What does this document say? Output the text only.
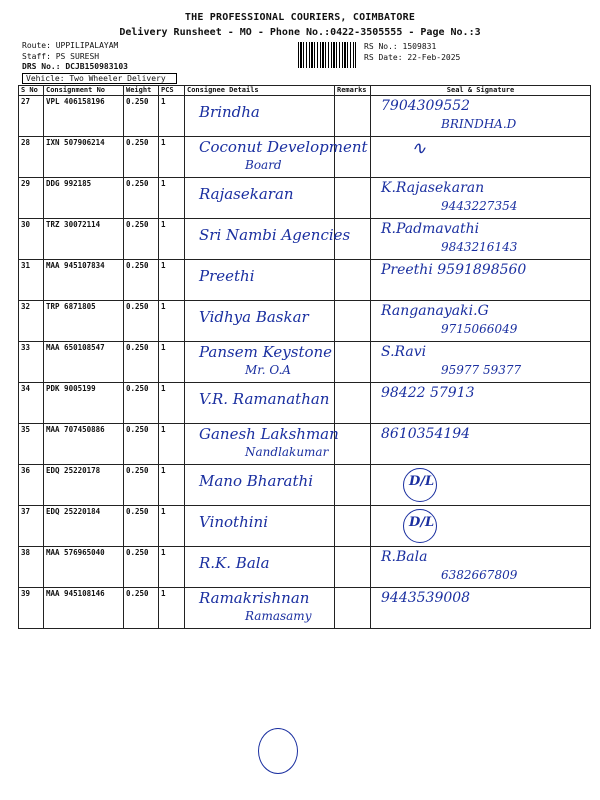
THE PROFESSIONAL COURIERS, COIMBATORE
Delivery Runsheet - MO - Phone No.:0422-3505555 - Page No.:3
Route: UPPILIPALAYAM
Staff: PS SURESH
DRS No.: DCJB150983103
RS No.: 1509831
RS Date: 22-Feb-2025
Vehicle: Two Wheeler Delivery
S No	Consignment No	Weight	PCS	Consignee Details	Remarks	Seal & Signature
27	VPL 406158196	0.250	1	Brindha		7904309552
BRINDHA.D

28	IXN 507906214	0.250	1	Coconut Development
Board		∿

29	DDG 992185	0.250	1	Rajasekaran		K.Rajasekaran
9443227354

30	TRZ 30072114	0.250	1	Sri Nambi Agencies		R.Padmavathi
9843216143

31	MAA 945107834	0.250	1	Preethi		Preethi 9591898560

32	TRP 6871805	0.250	1	Vidhya Baskar		Ranganayaki.G
9715066049

33	MAA 650108547	0.250	1	Pansem Keystone
Mr. O.A		S.Ravi
95977 59377

34	PDK 9005199	0.250	1	V.R. Ramanathan		98422 57913

35	MAA 707450886	0.250	1	Ganesh Lakshman
Nandlakumar		8610354194

36	EDQ 25220178	0.250	1	Mano Bharathi		D/L

37	EDQ 25220184	0.250	1	Vinothini		D/L

38	MAA 576965040	0.250	1	R.K. Bala		R.Bala
6382667809

39	MAA 945108146	0.250	1	Ramakrishnan
Ramasamy		9443539008
